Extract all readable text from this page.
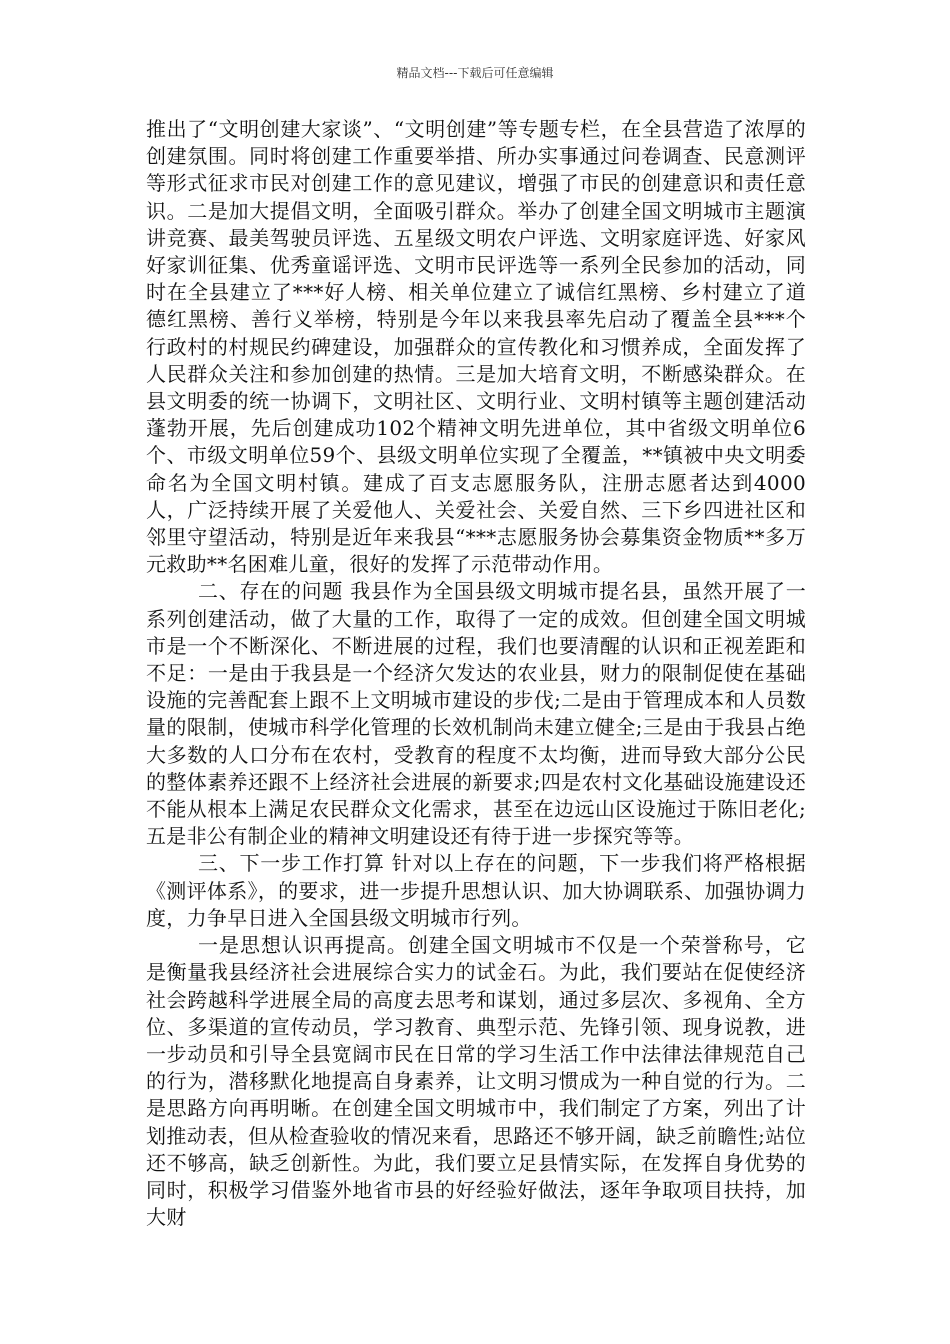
精品文档---下载后可任意编辑

推出了“文明创建大家谈”、“文明创建”等专题专栏，在全县营造了浓厚的创建氛围。同时将创建工作重要举措、所办实事通过问卷调查、民意测评等形式征求市民对创建工作的意见建议，增强了市民的创建意识和责任意识。二是加大提倡文明，全面吸引群众。举办了创建全国文明城市主题演讲竞赛、最美驾驶员评选、五星级文明农户评选、文明家庭评选、好家风好家训征集、优秀童谣评选、文明市民评选等一系列全民参加的活动，同时在全县建立了***好人榜、相关单位建立了诚信红黑榜、乡村建立了道德红黑榜、善行义举榜，特别是今年以来我县率先启动了覆盖全县***个行政村的村规民约碑建设，加强群众的宣传教化和习惯养成，全面发挥了人民群众关注和参加创建的热情。三是加大培育文明，不断感染群众。在县文明委的统一协调下，文明社区、文明行业、文明村镇等主题创建活动蓬勃开展，先后创建成功102个精神文明先进单位，其中省级文明单位6个、市级文明单位59个、县级文明单位实现了全覆盖，**镇被中央文明委命名为全国文明村镇。建成了百支志愿服务队，注册志愿者达到4000人，广泛持续开展了关爱他人、关爱社会、关爱自然、三下乡四进社区和邻里守望活动，特别是近年来我县“***志愿服务协会募集资金物质**多万元救助**名困难儿童，很好的发挥了示范带动作用。

二、存在的问题 我县作为全国县级文明城市提名县，虽然开展了一系列创建活动，做了大量的工作，取得了一定的成效。但创建全国文明城市是一个不断深化、不断进展的过程，我们也要清醒的认识和正视差距和不足：一是由于我县是一个经济欠发达的农业县，财力的限制促使在基础设施的完善配套上跟不上文明城市建设的步伐;二是由于管理成本和人员数量的限制，使城市科学化管理的长效机制尚未建立健全;三是由于我县占绝大多数的人口分布在农村，受教育的程度不太均衡，进而导致大部分公民的整体素养还跟不上经济社会进展的新要求;四是农村文化基础设施建设还不能从根本上满足农民群众文化需求，甚至在边远山区设施过于陈旧老化;五是非公有制企业的精神文明建设还有待于进一步探究等等。

三、下一步工作打算 针对以上存在的问题，下一步我们将严格根据《测评体系》，的要求，进一步提升思想认识、加大协调联系、加强协调力度，力争早日进入全国县级文明城市行列。

一是思想认识再提高。创建全国文明城市不仅是一个荣誉称号，它是衡量我县经济社会进展综合实力的试金石。为此，我们要站在促使经济社会跨越科学进展全局的高度去思考和谋划，通过多层次、多视角、全方位、多渠道的宣传动员，学习教育、典型示范、先锋引领、现身说教，进一步动员和引导全县宽阔市民在日常的学习生活工作中法律法律规范自己的行为，潜移默化地提高自身素养，让文明习惯成为一种自觉的行为。二是思路方向再明晰。在创建全国文明城市中，我们制定了方案，列出了计划推动表，但从检查验收的情况来看，思路还不够开阔，缺乏前瞻性;站位还不够高，缺乏创新性。为此，我们要立足县情实际，在发挥自身优势的同时，积极学习借鉴外地省市县的好经验好做法，逐年争取项目扶持，加大财
